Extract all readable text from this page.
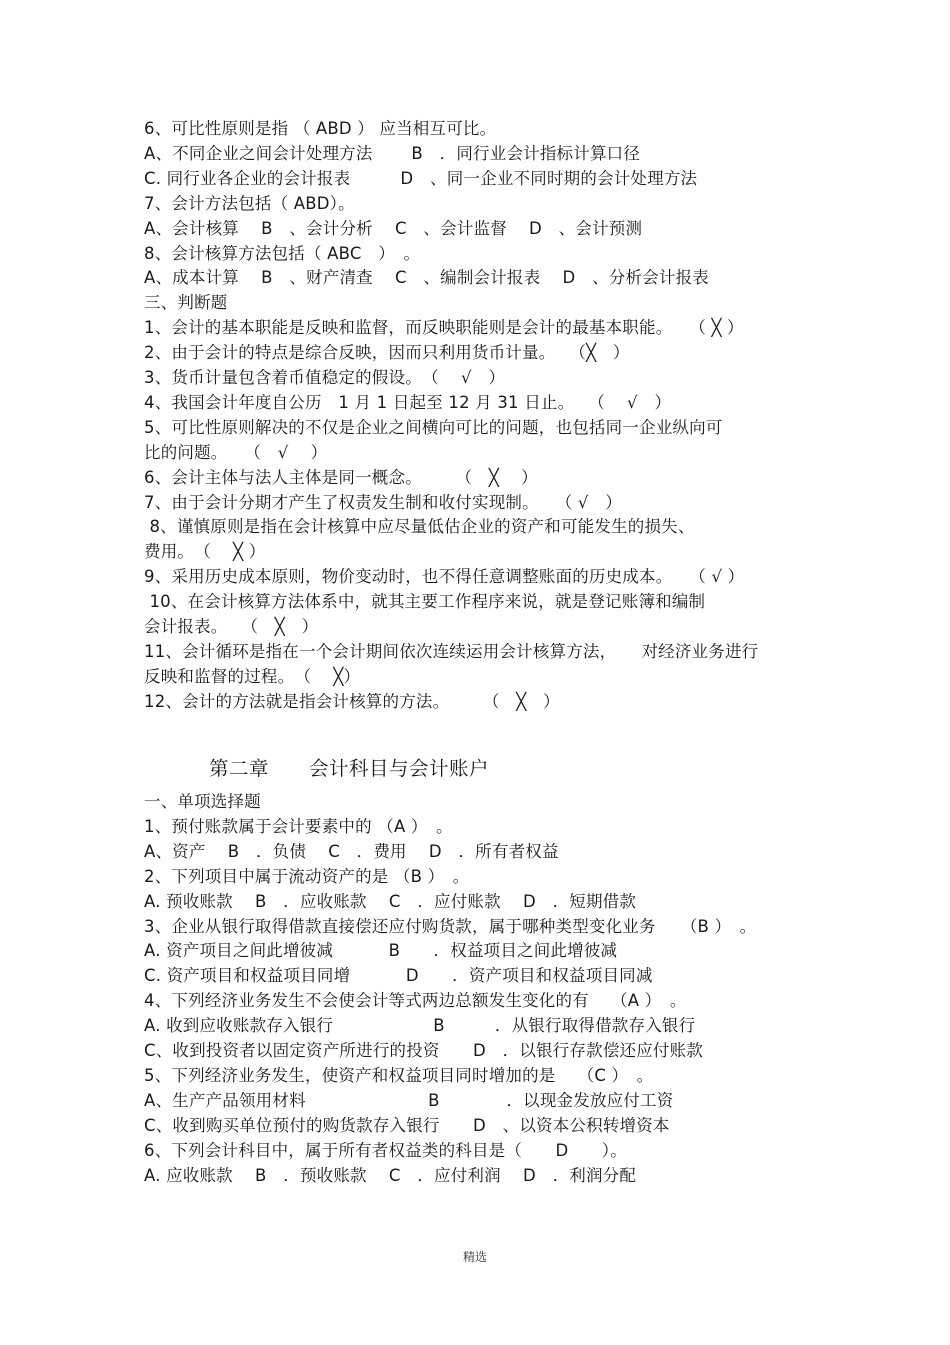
6、可比性原则是指 （ ABD ） 应当相互可比。
A、不同企业之间会计处理方法　　 B　．同行业会计指标计算口径
C. 同行业各企业的会计报表　　　D　、同一企业不同时期的会计处理方法
7、会计方法包括（ ABD）。
A、会计核算　 B　、会计分析　 C　、会计监督　 D　、会计预测
8、会计核算方法包括（ ABC　）　。
A、成本计算　 B　、财产清查　 C　、编制会计报表　 D　、分析会计报表
三、判断题
1、会计的基本职能是反映和监督，而反映职能则是会计的最基本职能。　　（ ╳ ）
2、由于会计的特点是综合反映，因而只利用货币计量。　 （╳　）
3、货币计量包含着币值稳定的假设。　（　 √　）
4、我国会计年度自公历　1 月 1 日起至 12 月 31 日止。　 （　 √　）
5、可比性原则解决的不仅是企业之间横向可比的问题，也包括同一企业纵向可
比的问题。　　（　√　 ）
6、会计主体与法人主体是同一概念。　　　（　╳　 ）
7、由于会计分期才产生了权责发生制和收付实现制。　　（ √　）
8、谨慎原则是指在会计核算中应尽量低估企业的资产和可能发生的损失、
费用。　（　 ╳ ）
9、采用历史成本原则，物价变动时，也不得任意调整账面的历史成本。　　（ √ ）
10、在会计核算方法体系中，就其主要工作程序来说，就是登记账簿和编制
会计报表。　 （　╳　）
11、会计循环是指在一个会计期间依次连续运用会计核算方法，　　对经济业务进行
反映和监督的过程。　（　 ╳）
12、会计的方法就是指会计核算的方法。　　　（　╳　）
第二章　　会计科目与会计账户
一、单项选择题
1、预付账款属于会计要素中的 （A ）　。
A、资产　 B　．负债　 C　．费用　 D　．所有者权益
2、下列项目中属于流动资产的是 （B ）　。
A. 预收账款　 B　．应收账款　 C　．应付账款　 D　．短期借款
3、企业从银行取得借款直接偿还应付购货款，属于哪种类型变化业务　　（B ）　。
A. 资产项目之间此增彼减　　　 B　　．权益项目之间此增彼减
C. 资产项目和权益项目同增　　　 D　　．资产项目和权益项目同减
4、下列经济业务发生不会使会计等式两边总额发生变化的有　 （A ）　。
A. 收到应收账款存入银行　　　　　　B　　　．从银行取得借款存入银行
C、收到投资者以固定资产所进行的投资　　D　．以银行存款偿还应付账款
5、下列经济业务发生，使资产和权益项目同时增加的是　 （C ）　。
A、生产产品领用材料　　　　　　　 B　　　　．以现金发放应付工资
C、收到购买单位预付的购货款存入银行　　D　、以资本公积转增资本
6、下列会计科目中，属于所有者权益类的科目是（　　D　　）。
A. 应收账款　 B　．预收账款　 C　．应付利润　 D　．利润分配
精选
